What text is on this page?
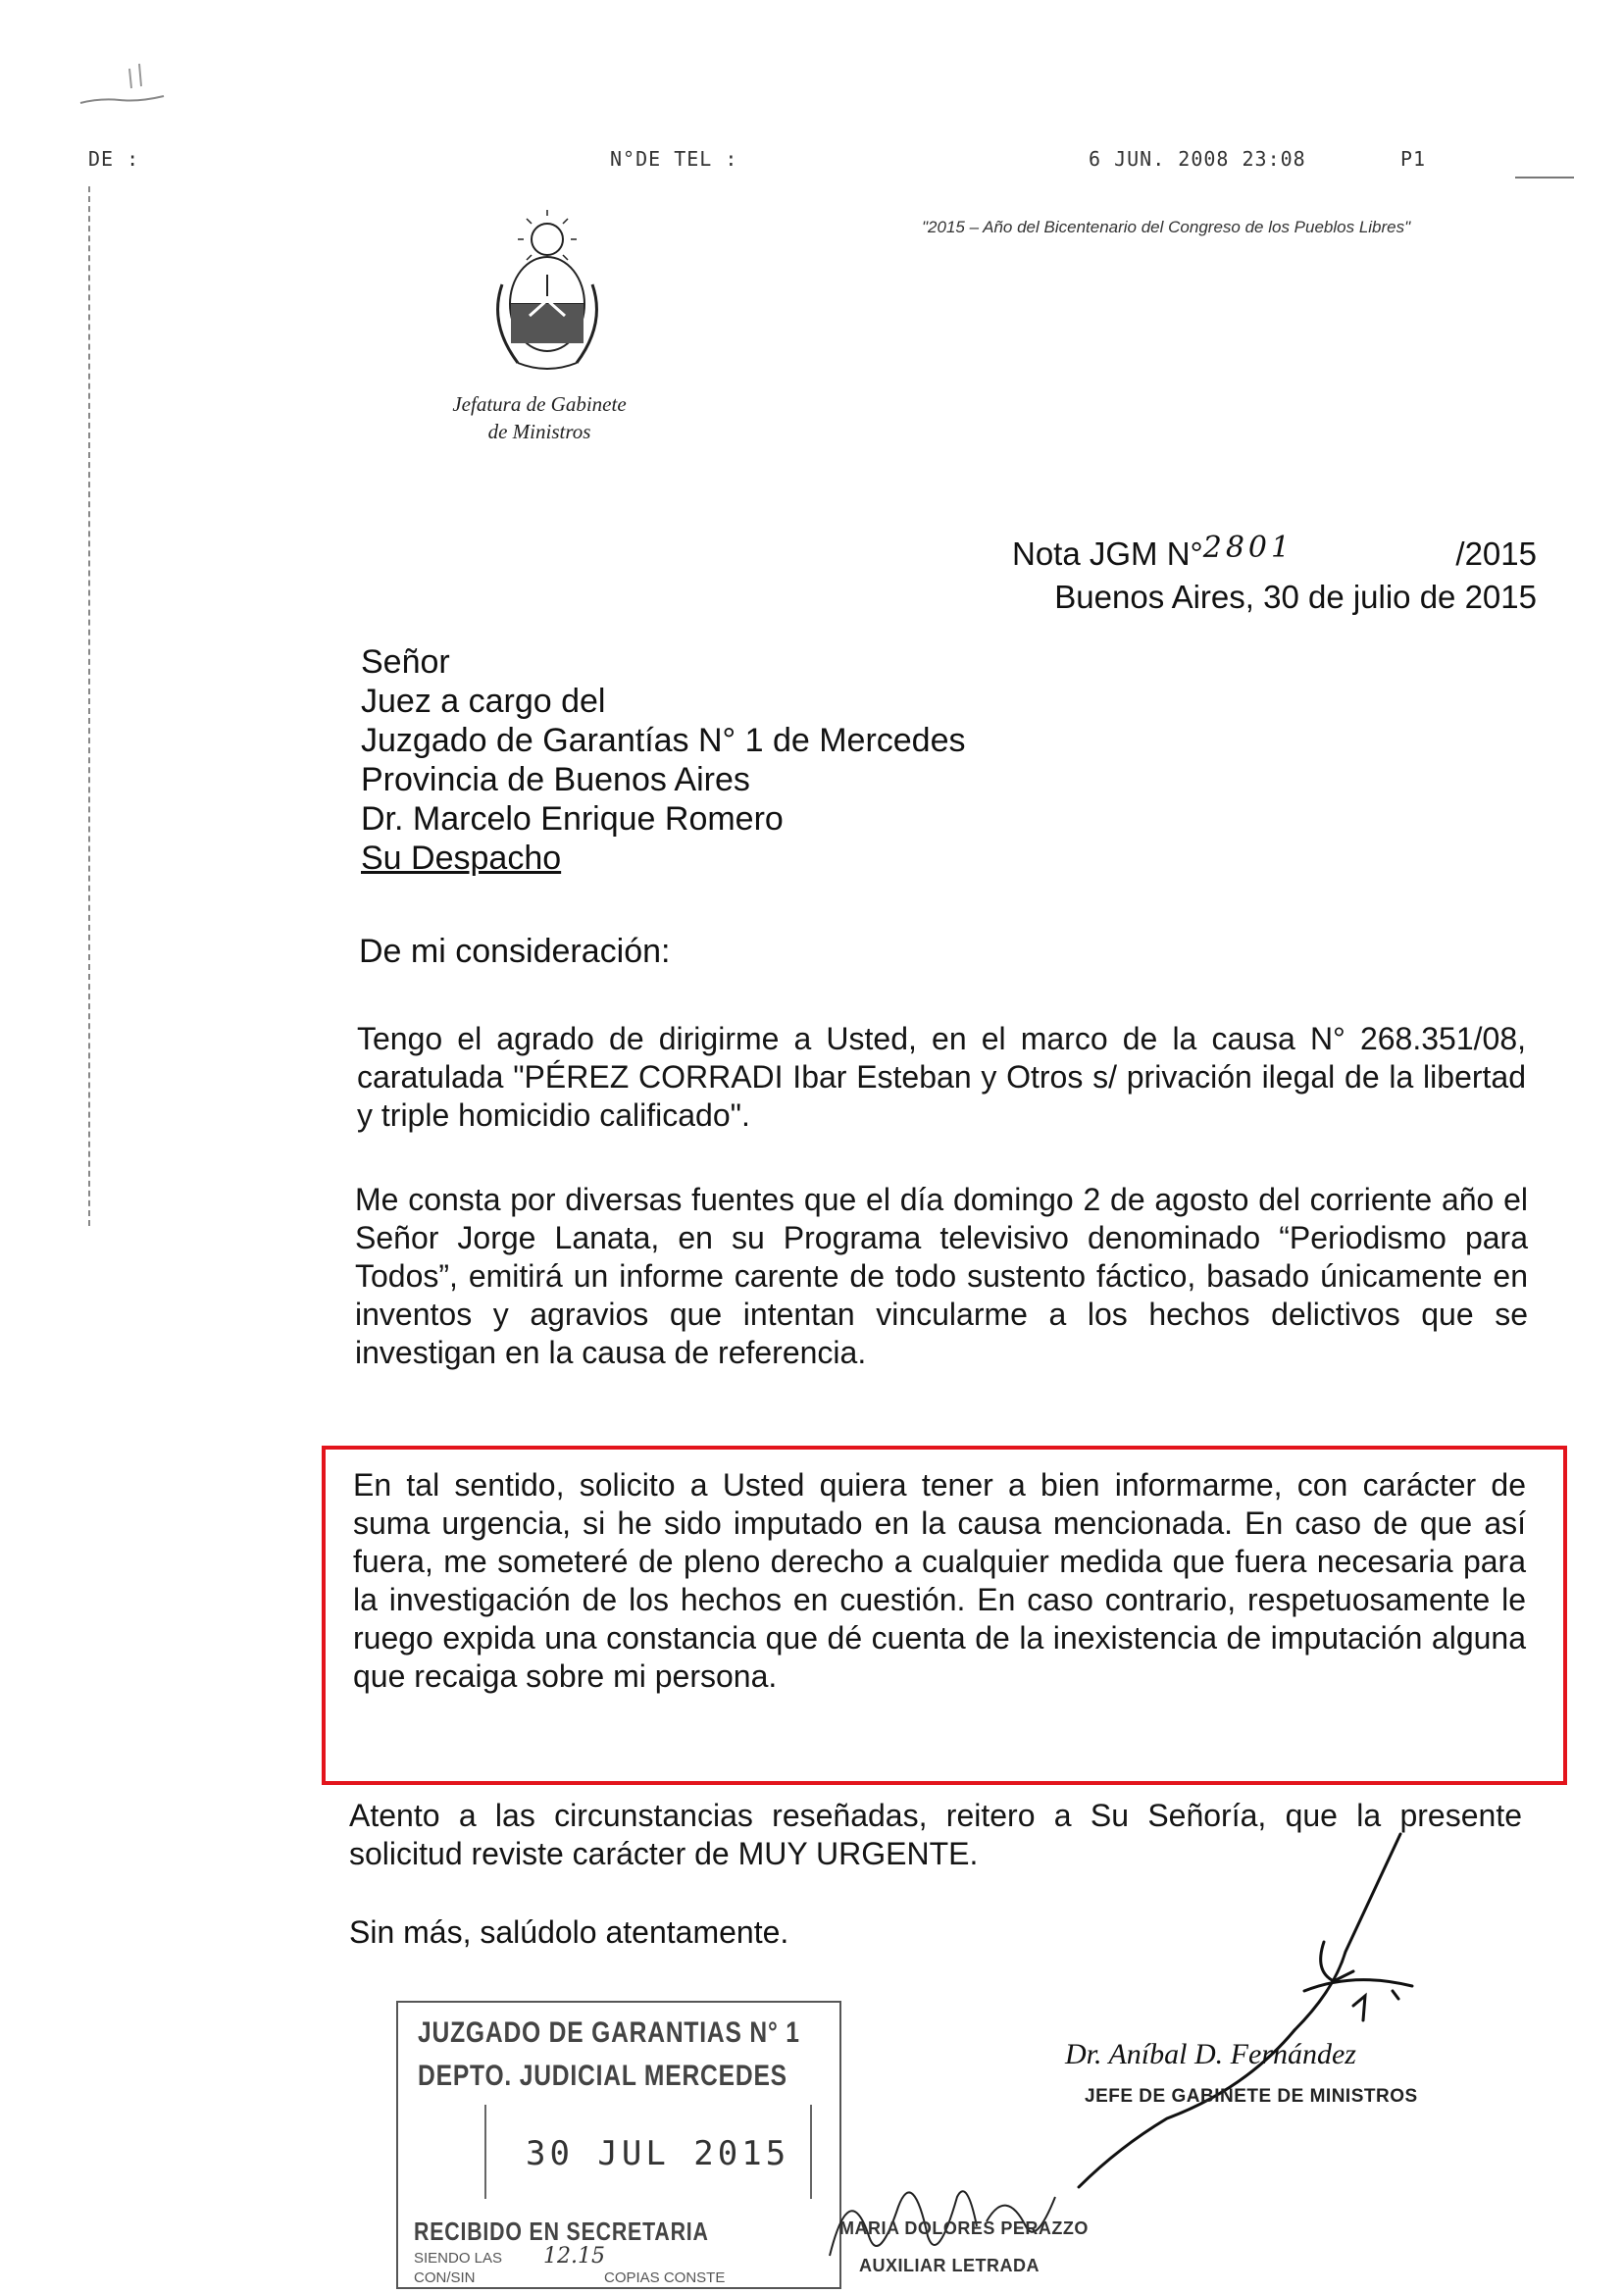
DE :	N°DE TEL :	6 JUN. 2008 23:08	P1
"2015 – Año del Bicentenario del Congreso de los Pueblos Libres"
Jefatura de Gabinete
de Ministros
Nota JGM N°2801	/2015
Buenos Aires, 30 de julio de 2015
Señor
Juez a cargo del
Juzgado de Garantías N° 1 de Mercedes
Provincia de Buenos Aires
Dr. Marcelo Enrique Romero
Su Despacho
De mi consideración:
Tengo el agrado de dirigirme a Usted, en el marco de la causa N° 268.351/08, caratulada "PÉREZ CORRADI Ibar Esteban y Otros s/ privación ilegal de la libertad y triple homicidio calificado".
Me consta por diversas fuentes que el día domingo 2 de agosto del corriente año el Señor Jorge Lanata, en su Programa televisivo denominado “Periodismo para Todos”, emitirá un informe carente de todo sustento fáctico, basado únicamente en inventos y agravios que intentan vincularme a los hechos delictivos que se investigan en la causa de referencia.
En tal sentido, solicito a Usted quiera tener a bien informarme, con carácter de suma urgencia, si he sido imputado en la causa mencionada. En caso de que así fuera, me someteré de pleno derecho a cualquier medida que fuera necesaria para la investigación de los hechos en cuestión. En caso contrario, respetuosamente le ruego expida una constancia que dé cuenta de la inexistencia de imputación alguna que recaiga sobre mi persona.
Atento a las circunstancias reseñadas, reitero a Su Señoría, que la presente solicitud reviste carácter de MUY URGENTE.
Sin más, salúdolo atentamente.
Dr. Aníbal D. Fernández
JEFE DE GABINETE DE MINISTROS
JUZGADO DE GARANTIAS N° 1
DEPTO. JUDICIAL MERCEDES
30 JUL 2015
RECIBIDO EN SECRETARIA
SIENDO LAS 12.15
CON/SIN	COPIAS CONSTE
MARIA DOLORES PERAZZO
AUXILIAR LETRADA
